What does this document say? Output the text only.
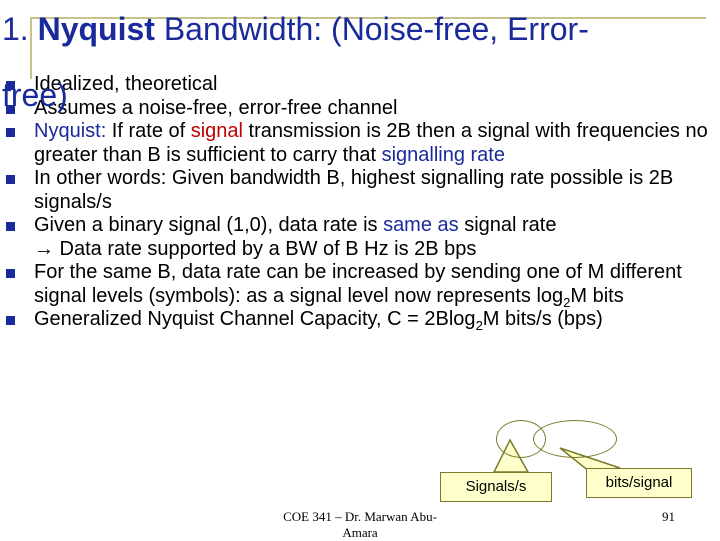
1. Nyquist Bandwidth: (Noise-free, Error-
Idealized, theoretical
Assumes a noise-free, error-free channel
Nyquist: If rate of signal transmission is 2B then a signal with frequencies no greater than B is sufficient to carry that signalling rate
In other words: Given bandwidth B, highest signalling rate possible is 2B signals/s
Given a binary signal (1,0), data rate is same as signal rate
→ Data rate supported by a BW of B Hz is 2B bps
For the same B, data rate can be increased by sending one of M different signal levels (symbols): as a signal level now represents $\log_2M$ bits
Generalized Nyquist Channel Capacity, C = 2Blog$_2$M bits/s (bps)
free)
Signals/s	bits/signal
COE 341 – Dr. Marwan Abu-Amara
91
